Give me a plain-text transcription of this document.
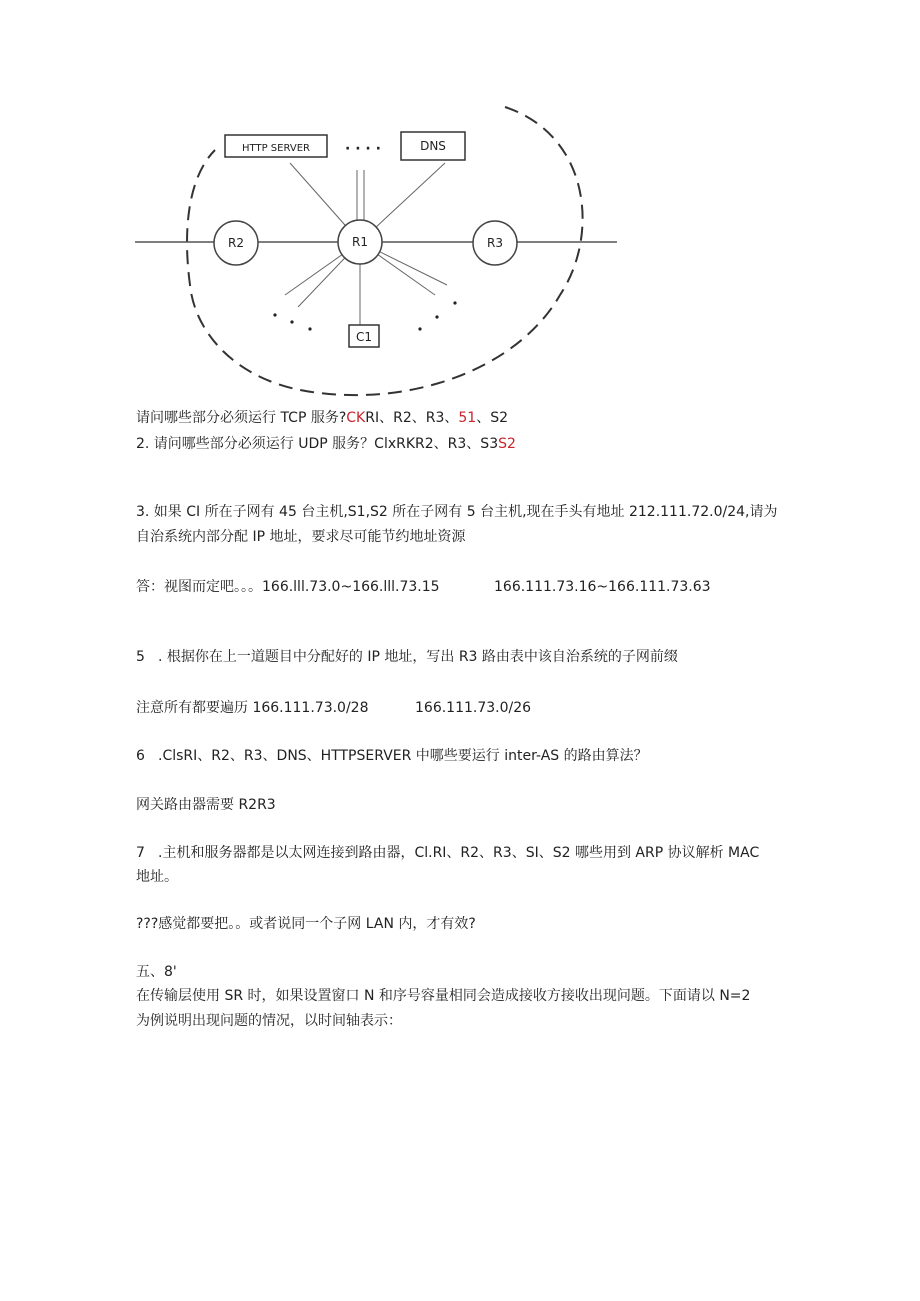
HTTP SERVER	· · · ·	DNS
R2	R1	R3
C1
请问哪些部分必须运行 TCP 服务?CKRI、R2、R3、51、S2
2. 请问哪些部分必须运行 UDP 服务？ClxRKR2、R3、S3S2
3. 如果 CI 所在子网有 45 台主机,S1,S2 所在子网有 5 台主机,现在手头有地址 212.111.72.0/24,请为
自治系统内部分配 IP 地址，要求尽可能节约地址资源
答：视图而定吧。。。166.lll.73.0~166.lll.73.15	166.111.73.16~166.111.73.63
5 . 根据你在上一道题目中分配好的 IP 地址，写出 R3 路由表中该自治系统的子网前缀
注意所有都要遍历 166.111.73.0/28	166.111.73.0/26
6 .ClsRI、R2、R3、DNS、HTTPSERVER 中哪些要运行 inter-AS 的路由算法？
网关路由器需要 R2R3
7 .主机和服务器都是以太网连接到路由器，Cl.RI、R2、R3、SI、S2 哪些用到 ARP 协议解析 MAC
地址。
???感觉都要把。。或者说同一个子网 LAN 内，才有效?
五、8'
在传输层使用 SR 时，如果设置窗口 N 和序号容量相同会造成接收方接收出现问题。下面请以 N=2
为例说明出现问题的情况，以时间轴表示：
